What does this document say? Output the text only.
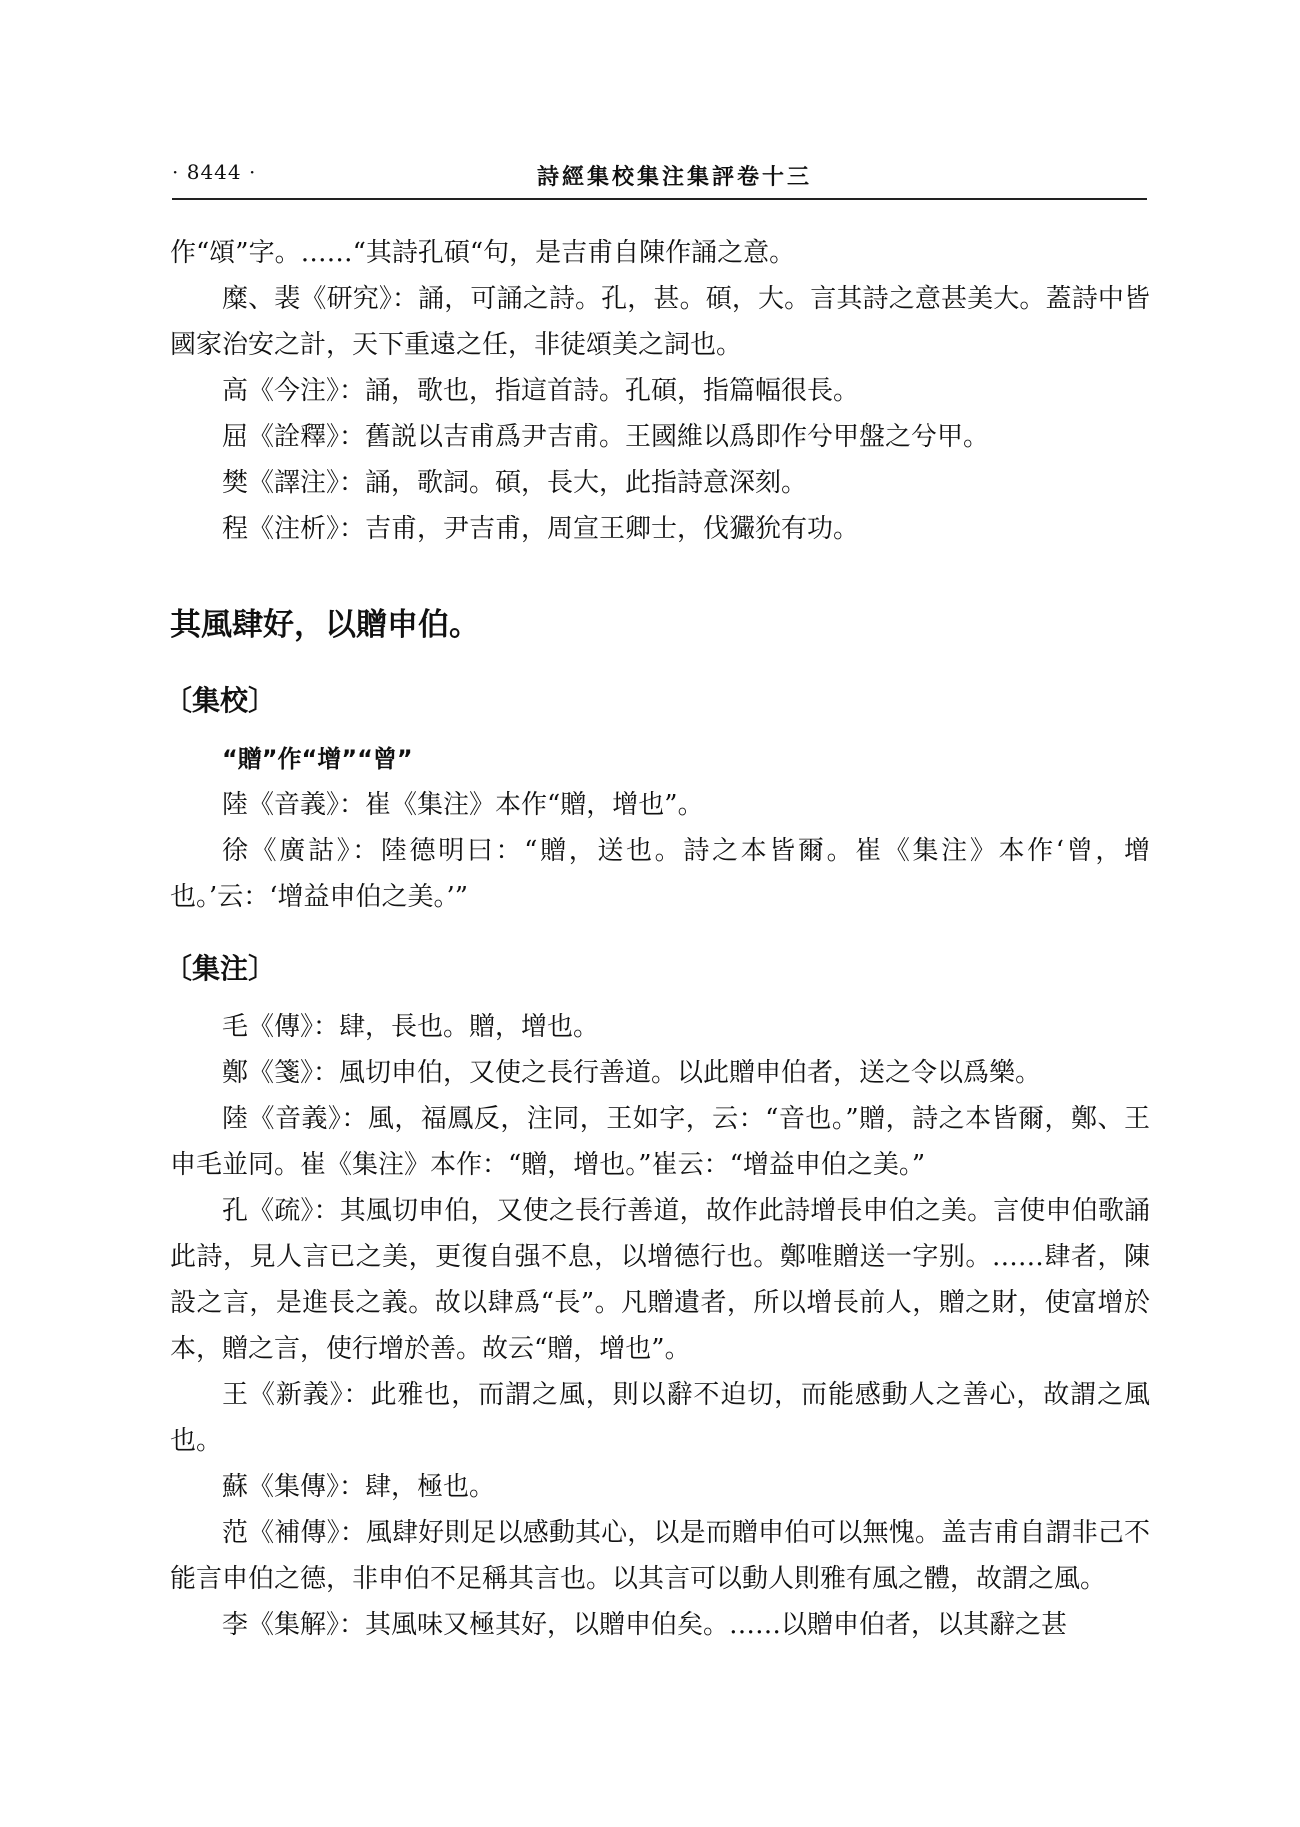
· 8444 ·	詩經集校集注集評卷十三

作“頌”字。……“其詩孔碩“句，是吉甫自陳作誦之意。

糜、裴《研究》：誦，可誦之詩。孔，甚。碩，大。言其詩之意甚美大。蓋詩中皆國家治安之計，天下重遠之任，非徒頌美之詞也。

高《今注》：誦，歌也，指這首詩。孔碩，指篇幅很長。

屈《詮釋》：舊説以吉甫爲尹吉甫。王國維以爲即作兮甲盤之兮甲。

樊《譯注》：誦，歌詞。碩，長大，此指詩意深刻。

程《注析》：吉甫，尹吉甫，周宣王卿士，伐玁狁有功。

其風肆好，以贈申伯。
〔集校〕
“贈”作“增”“曾”

陸《音義》：崔《集注》本作“贈，增也”。

徐《廣詁》：陸德明曰：“贈，送也。詩之本皆爾。崔《集注》本作‘曾，增也。’云：‘增益申伯之美。’”

〔集注〕

毛《傳》：肆，長也。贈，增也。

鄭《箋》：風切申伯，又使之長行善道。以此贈申伯者，送之令以爲樂。

陸《音義》：風，福鳳反，注同，王如字，云：“音也。”贈，詩之本皆爾，鄭、王申毛並同。崔《集注》本作：“贈，增也。”崔云：“增益申伯之美。”

孔《疏》：其風切申伯，又使之長行善道，故作此詩增長申伯之美。言使申伯歌誦此詩，見人言已之美，更復自强不息，以增德行也。鄭唯贈送一字别。……肆者，陳設之言，是進長之義。故以肆爲“長”。凡贈遺者，所以增長前人，贈之財，使富增於本，贈之言，使行增於善。故云“贈，增也”。

王《新義》：此雅也，而謂之風，則以辭不迫切，而能感動人之善心，故謂之風也。

蘇《集傳》：肆，極也。

范《補傳》：風肆好則足以感動其心，以是而贈申伯可以無愧。盖吉甫自謂非己不能言申伯之德，非申伯不足稱其言也。以其言可以動人則雅有風之體，故謂之風。

李《集解》：其風味又極其好，以贈申伯矣。……以贈申伯者，以其辭之甚
